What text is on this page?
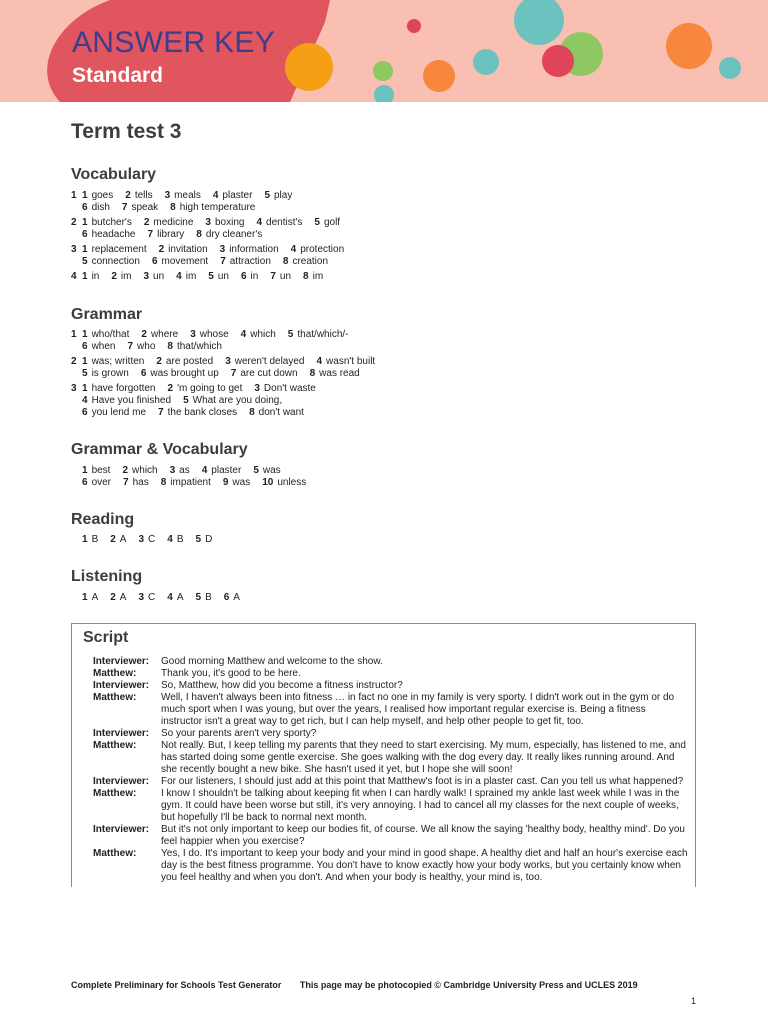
ANSWER KEY
Standard
Term test 3
Vocabulary
1 1 goes 2 tells 3 meals 4 plaster 5 play
6 dish 7 speak 8 high temperature
2 1 butcher's 2 medicine 3 boxing 4 dentist's 5 golf
6 headache 7 library 8 dry cleaner's
3 1 replacement 2 invitation 3 information 4 protection
5 connection 6 movement 7 attraction 8 creation
4 1 in 2 im 3 un 4 im 5 un 6 in 7 un 8 im
Grammar
1 1 who/that 2 where 3 whose 4 which 5 that/which/-
6 when 7 who 8 that/which
2 1 was; written 2 are posted 3 weren't delayed 4 wasn't built
5 is grown 6 was brought up 7 are cut down 8 was read
3 1 have forgotten 2 'm going to get 3 Don't waste
4 Have you finished 5 What are you doing,
6 you lend me 7 the bank closes 8 don't want
Grammar & Vocabulary
1 best 2 which 3 as 4 plaster 5 was
6 over 7 has 8 impatient 9 was 10 unless
Reading
1 B 2 A 3 C 4 B 5 D
Listening
1 A 2 A 3 C 4 A 5 B 6 A
Script
Interviewer:	Good morning Matthew and welcome to the show.
Matthew:	Thank you, it's good to be here.
Interviewer:	So, Matthew, how did you become a fitness instructor?
Matthew:	Well, I haven't always been into fitness … in fact no one in my family is very sporty. I didn't work out in the gym or do much sport when I was young, but over the years, I realised how important regular exercise is. Being a fitness instructor isn't a great way to get rich, but I can help myself, and help other people to get fit, too.
Interviewer:	So your parents aren't very sporty?
Matthew:	Not really. But, I keep telling my parents that they need to start exercising. My mum, especially, has listened to me, and has started doing some gentle exercise. She goes walking with the dog every day. It really likes running around. And she recently bought a new bike. She hasn't used it yet, but I hope she will soon!
Interviewer:	For our listeners, I should just add at this point that Matthew's foot is in a plaster cast. Can you tell us what happened?
Matthew:	I know I shouldn't be talking about keeping fit when I can hardly walk! I sprained my ankle last week while I was in the gym. It could have been worse but still, it's very annoying. I had to cancel all my classes for the next couple of weeks, but hopefully I'll be back to normal next month.
Interviewer:	But it's not only important to keep our bodies fit, of course. We all know the saying 'healthy body, healthy mind'. Do you feel happier when you exercise?
Matthew:	Yes, I do. It's important to keep your body and your mind in good shape. A healthy diet and half an hour's exercise each day is the best fitness programme. You don't have to know exactly how your body works, but you certainly know when you feel healthy and when you don't. And when your body is healthy, your mind is, too.
Complete Preliminary for Schools Test Generator This page may be photocopied © Cambridge University Press and UCLES 2019
1
